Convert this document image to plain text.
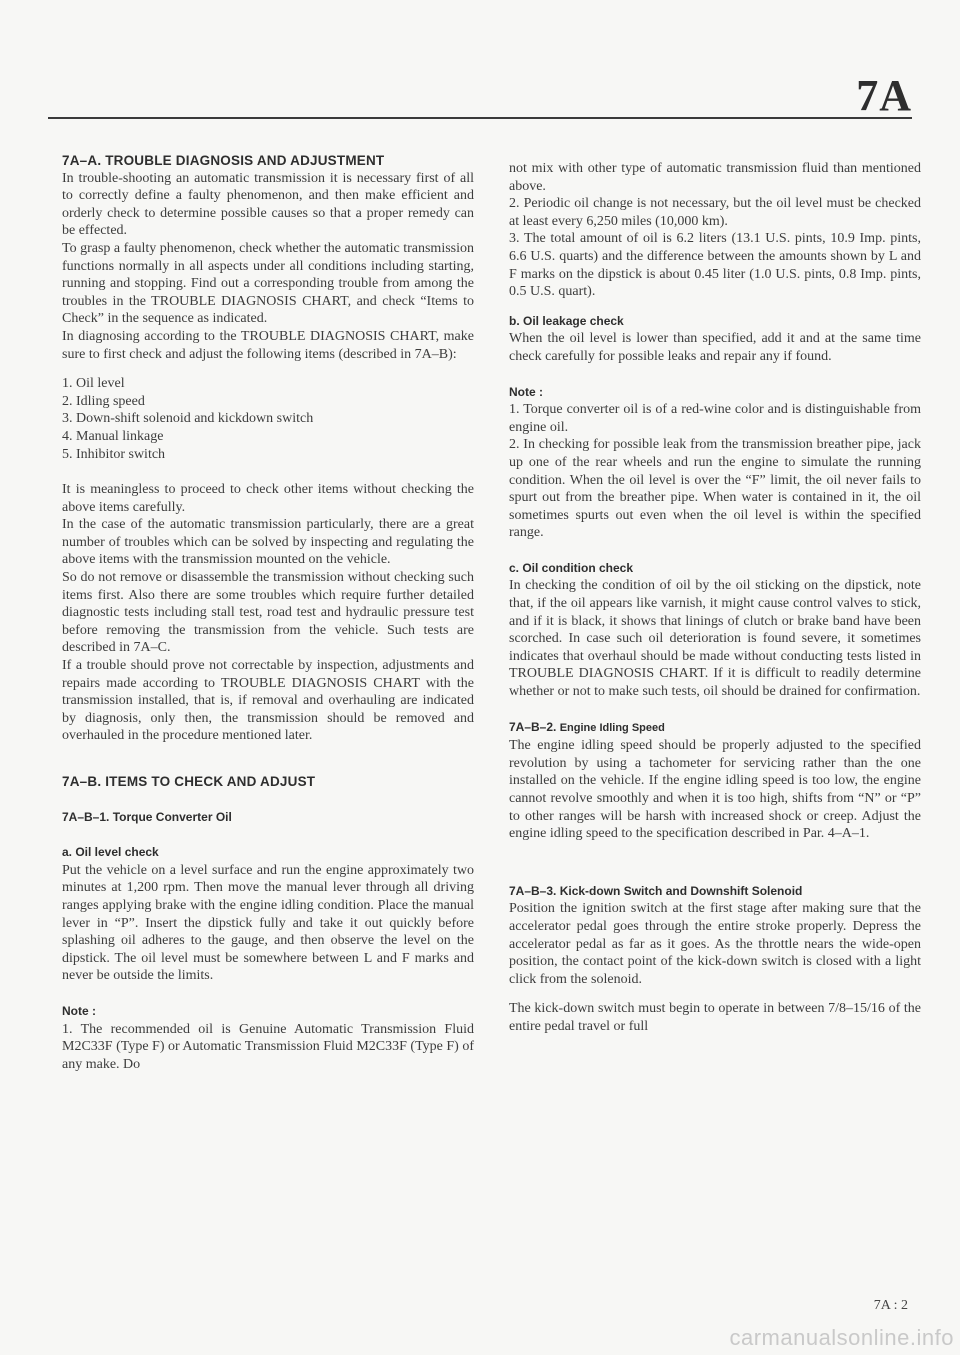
7A

7A–A. TROUBLE DIAGNOSIS AND ADJUSTMENT

In trouble-shooting an automatic transmission it is necessary first of all to correctly define a faulty phenomenon, and then make efficient and orderly check to determine possible causes so that a proper remedy can be effected.

To grasp a faulty phenomenon, check whether the automatic transmission functions normally in all aspects under all conditions including starting, running and stopping. Find out a corresponding trouble from among the troubles in the TROUBLE DIAGNOSIS CHART, and check “Items to Check” in the sequence as indicated.

In diagnosing according to the TROUBLE DIAGNOSIS CHART, make sure to first check and adjust the following items (described in 7A–B):

1. Oil level
2. Idling speed
3. Down-shift solenoid and kickdown switch
4. Manual linkage
5. Inhibitor switch

It is meaningless to proceed to check other items without checking the above items carefully.

In the case of the automatic transmission particularly, there are a great number of troubles which can be solved by inspecting and regulating the above items with the transmission mounted on the vehicle.

So do not remove or disassemble the transmission without checking such items first. Also there are some troubles which require further detailed diagnostic tests including stall test, road test and hydraulic pressure test before removing the transmission from the vehicle. Such tests are described in 7A–C.

If a trouble should prove not correctable by inspection, adjustments and repairs made according to TROUBLE DIAGNOSIS CHART with the transmission installed, that is, if removal and overhauling are indicated by diagnosis, only then, the transmission should be removed and overhauled in the procedure mentioned later.

7A–B. ITEMS TO CHECK AND ADJUST

7A–B–1. Torque Converter Oil

a. Oil level check

Put the vehicle on a level surface and run the engine approximately two minutes at 1,200 rpm. Then move the manual lever through all driving ranges applying brake with the engine idling condition. Place the manual lever in “P”. Insert the dipstick fully and take it out quickly before splashing oil adheres to the gauge, and then observe the level on the dipstick. The oil level must be somewhere between L and F marks and never be outside the limits.

Note :

1. The recommended oil is Genuine Automatic Transmission Fluid M2C33F (Type F) or Automatic Transmission Fluid M2C33F (Type F) of any make. Do

not mix with other type of automatic transmission fluid than mentioned above.

2. Periodic oil change is not necessary, but the oil level must be checked at least every 6,250 miles (10,000 km).

3. The total amount of oil is 6.2 liters (13.1 U.S. pints, 10.9 Imp. pints, 6.6 U.S. quarts) and the difference between the amounts shown by L and F marks on the dipstick is about 0.45 liter (1.0 U.S. pints, 0.8 Imp. pints, 0.5 U.S. quart).

b. Oil leakage check

When the oil level is lower than specified, add it and at the same time check carefully for possible leaks and repair any if found.

Note :

1. Torque converter oil is of a red-wine color and is distinguishable from engine oil.

2. In checking for possible leak from the transmission breather pipe, jack up one of the rear wheels and run the engine to simulate the running condition. When the oil level is over the “F” limit, the oil never fails to spurt out from the breather pipe. When water is contained in it, the oil sometimes spurts out even when the oil level is within the specified range.

c. Oil condition check

In checking the condition of oil by the oil sticking on the dipstick, note that, if the oil appears like varnish, it might cause control valves to stick, and if it is black, it shows that linings of clutch or brake band have been scorched. In case such oil deterioration is found severe, it sometimes indicates that overhaul should be made without conducting tests listed in TROUBLE DIAGNOSIS CHART. If it is difficult to readily determine whether or not to make such tests, oil should be drained for confirmation.

7A–B–2. Engine Idling Speed

The engine idling speed should be properly adjusted to the specified revolution by using a tachometer for servicing rather than the one installed on the vehicle. If the engine idling speed is too low, the engine cannot revolve smoothly and when it is too high, shifts from “N” or “P” to other ranges will be harsh with increased shock or creep. Adjust the engine idling speed to the specification described in Par. 4–A–1.

7A–B–3. Kick-down Switch and Downshift Solenoid

Position the ignition switch at the first stage after making sure that the accelerator pedal goes through the entire stroke properly. Depress the accelerator pedal as far as it goes. As the throttle nears the wide-open position, the contact point of the kick-down switch is closed with a light click from the solenoid.

The kick-down switch must begin to operate in between 7/8–15/16 of the entire pedal travel or full

7A : 2
carmanualsonline.info
